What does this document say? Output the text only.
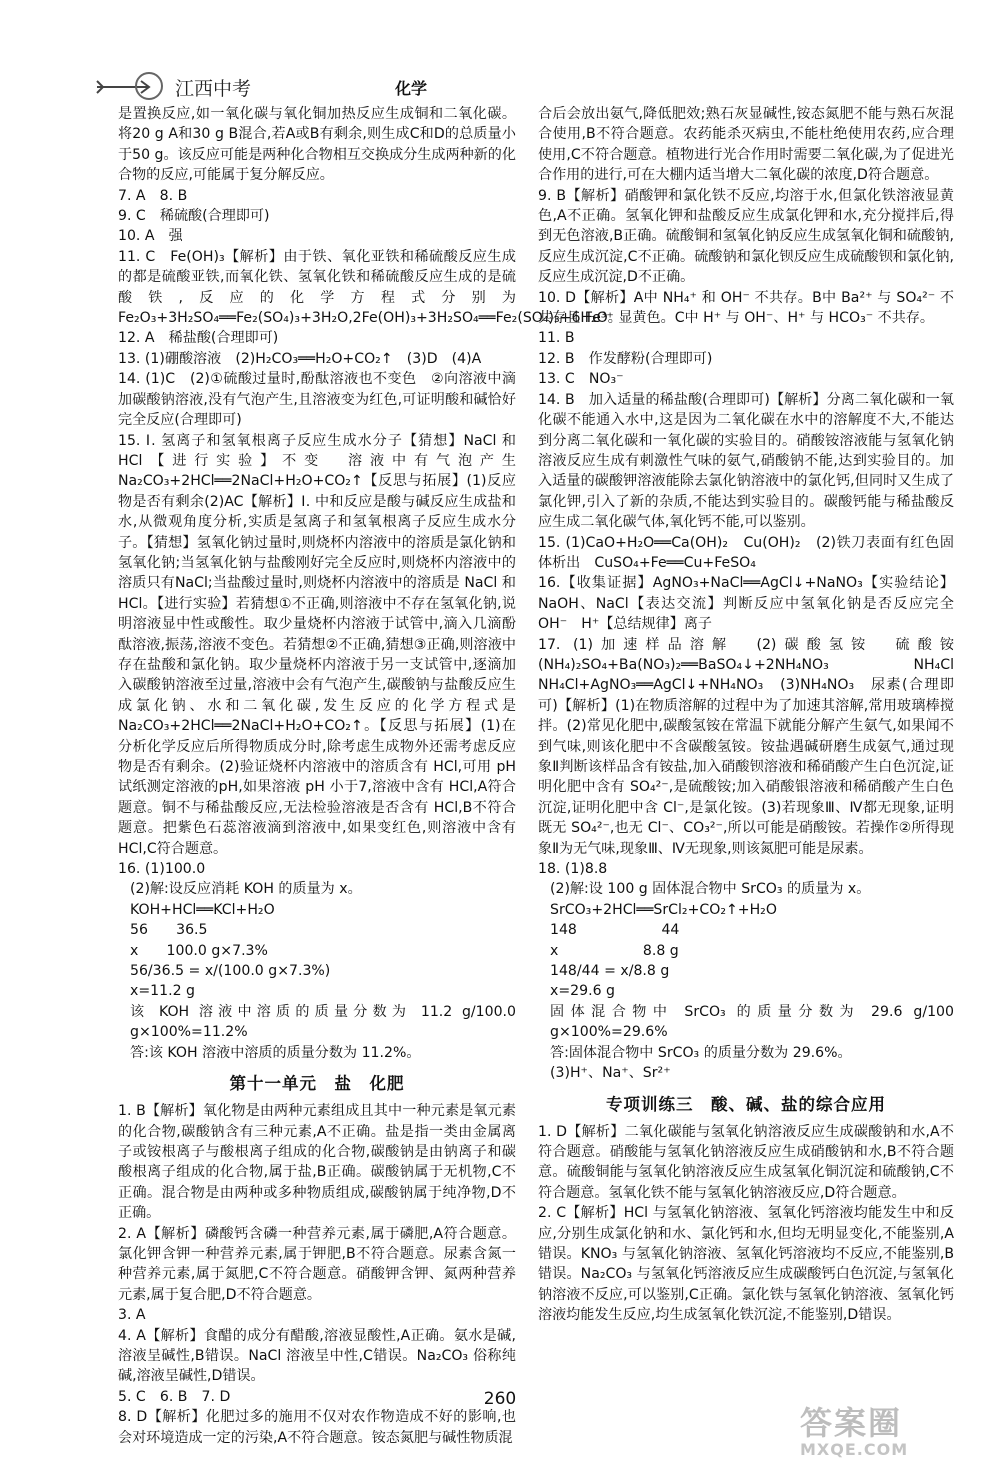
江西中考	化学

是置换反应,如一氧化碳与氧化铜加热反应生成铜和二氧化碳。将20 g A和30 g B混合,若A或B有剩余,则生成C和D的总质量小于50 g。该反应可能是两种化合物相互交换成分生成两种新的化合物的反应,可能属于复分解反应。

7. A　8. B

9. C　稀硫酸(合理即可)

10. A　强

11. C　Fe(OH)₃【解析】由于铁、氧化亚铁和稀硫酸反应生成的都是硫酸亚铁,而氧化铁、氢氧化铁和稀硫酸反应生成的是硫酸铁,反应的化学方程式分别为 Fe₂O₃+3H₂SO₄══Fe₂(SO₄)₃+3H₂O,2Fe(OH)₃+3H₂SO₄══Fe₂(SO₄)₃+6H₂O。

12. A　稀盐酸(合理即可)

13. (1)硼酸溶液　(2)H₂CO₃══H₂O+CO₂↑　(3)D　(4)A

14. (1)C　(2)①硫酸过量时,酚酞溶液也不变色　②向溶液中滴加碳酸钠溶液,没有气泡产生,且溶液变为红色,可证明酸和碱恰好完全反应(合理即可)

15. Ⅰ. 氢离子和氢氧根离子反应生成水分子【猜想】NaCl 和 HCl【进行实验】不变　溶液中有气泡产生　Na₂CO₃+2HCl══2NaCl+H₂O+CO₂↑【反思与拓展】(1)反应物是否有剩余(2)AC【解析】Ⅰ. 中和反应是酸与碱反应生成盐和水,从微观角度分析,实质是氢离子和氢氧根离子反应生成水分子。【猜想】氢氧化钠过量时,则烧杯内溶液中的溶质是氯化钠和氢氧化钠;当氢氧化钠与盐酸刚好完全反应时,则烧杯内溶液中的溶质只有NaCl;当盐酸过量时,则烧杯内溶液中的溶质是 NaCl 和 HCl。【进行实验】若猜想①不正确,则溶液中不存在氢氧化钠,说明溶液显中性或酸性。取少量烧杯内溶液于试管中,滴入几滴酚酞溶液,振荡,溶液不变色。若猜想②不正确,猜想③正确,则溶液中存在盐酸和氯化钠。取少量烧杯内溶液于另一支试管中,逐滴加入碳酸钠溶液至过量,溶液中会有气泡产生,碳酸钠与盐酸反应生成氯化钠、水和二氧化碳,发生反应的化学方程式是 Na₂CO₃+2HCl══2NaCl+H₂O+CO₂↑。【反思与拓展】(1)在分析化学反应后所得物质成分时,除考虑生成物外还需考虑反应物是否有剩余。(2)验证烧杯内溶液中的溶质含有 HCl,可用 pH 试纸测定溶液的pH,如果溶液 pH 小于7,溶液中含有 HCl,A符合题意。铜不与稀盐酸反应,无法检验溶液是否含有 HCl,B不符合题意。把紫色石蕊溶液滴到溶液中,如果变红色,则溶液中含有 HCl,C符合题意。

16. (1)100.0

(2)解:设反应消耗 KOH 的质量为 x。

KOH+HCl══KCl+H₂O

56　　36.5

x　　100.0 g×7.3%

56/36.5 = x/(100.0 g×7.3%)

x=11.2 g

该 KOH 溶液中溶质的质量分数为 11.2 g/100.0 g×100%=11.2%

答:该 KOH 溶液中溶质的质量分数为 11.2%。

第十一单元　盐　化肥

1. B【解析】氧化物是由两种元素组成且其中一种元素是氧元素的化合物,碳酸钠含有三种元素,A不正确。盐是指一类由金属离子或铵根离子与酸根离子组成的化合物,碳酸钠是由钠离子和碳酸根离子组成的化合物,属于盐,B正确。碳酸钠属于无机物,C不正确。混合物是由两种或多种物质组成,碳酸钠属于纯净物,D不正确。

2. A【解析】磷酸钙含磷一种营养元素,属于磷肥,A符合题意。氯化钾含钾一种营养元素,属于钾肥,B不符合题意。尿素含氮一种营养元素,属于氮肥,C不符合题意。硝酸钾含钾、氮两种营养元素,属于复合肥,D不符合题意。

3. A

4. A【解析】食醋的成分有醋酸,溶液显酸性,A正确。氨水是碱,溶液呈碱性,B错误。NaCl 溶液呈中性,C错误。Na₂CO₃ 俗称纯碱,溶液呈碱性,D错误。

5. C　6. B　7. D

8. D【解析】化肥过多的施用不仅对农作物造成不好的影响,也会对环境造成一定的污染,A不符合题意。铵态氮肥与碱性物质混

合后会放出氨气,降低肥效;熟石灰显碱性,铵态氮肥不能与熟石灰混合使用,B不符合题意。农药能杀灭病虫,不能杜绝使用农药,应合理使用,C不符合题意。植物进行光合作用时需要二氧化碳,为了促进光合作用的进行,可在大棚内适当增大二氧化碳的浓度,D符合题意。

9. B【解析】硝酸钾和氯化铁不反应,均溶于水,但氯化铁溶液显黄色,A不正确。氢氧化钾和盐酸反应生成氯化钾和水,充分搅拌后,得到无色溶液,B正确。硫酸铜和氢氧化钠反应生成氢氧化铜和硫酸钠,反应生成沉淀,C不正确。硫酸钠和氯化钡反应生成硫酸钡和氯化钠,反应生成沉淀,D不正确。

10. D【解析】A中 NH₄⁺ 和 OH⁻ 不共存。B中 Ba²⁺ 与 SO₄²⁻ 不共存且 Fe³⁺ 显黄色。C中 H⁺ 与 OH⁻、H⁺ 与 HCO₃⁻ 不共存。

11. B

12. B　作发酵粉(合理即可)

13. C　NO₃⁻

14. B　加入适量的稀盐酸(合理即可)【解析】分离二氧化碳和一氧化碳不能通入水中,这是因为二氧化碳在水中的溶解度不大,不能达到分离二氧化碳和一氧化碳的实验目的。硝酸铵溶液能与氢氧化钠溶液反应生成有刺激性气味的氨气,硝酸钠不能,达到实验目的。加入适量的碳酸钾溶液能除去氯化钠溶液中的氯化钙,但同时又生成了氯化钾,引入了新的杂质,不能达到实验目的。碳酸钙能与稀盐酸反应生成二氧化碳气体,氧化钙不能,可以鉴别。

15. (1)CaO+H₂O══Ca(OH)₂　Cu(OH)₂　(2)铁刀表面有红色固体析出　CuSO₄+Fe══Cu+FeSO₄

16.【收集证据】AgNO₃+NaCl══AgCl↓+NaNO₃【实验结论】NaOH、NaCl【表达交流】判断反应中氢氧化钠是否反应完全　OH⁻　H⁺【总结规律】离子

17. (1)加速样品溶解　(2)碳酸氢铵　硫酸铵　(NH₄)₂SO₄+Ba(NO₃)₂══BaSO₄↓+2NH₄NO₃　NH₄Cl　NH₄Cl+AgNO₃══AgCl↓+NH₄NO₃　(3)NH₄NO₃　尿素(合理即可)【解析】(1)在物质溶解的过程中为了加速其溶解,常用玻璃棒搅拌。(2)常见化肥中,碳酸氢铵在常温下就能分解产生氨气,如果闻不到气味,则该化肥中不含碳酸氢铵。铵盐遇碱研磨生成氨气,通过现象Ⅱ判断该样品含有铵盐,加入硝酸钡溶液和稀硝酸产生白色沉淀,证明化肥中含有 SO₄²⁻,是硫酸铵;加入硝酸银溶液和稀硝酸产生白色沉淀,证明化肥中含 Cl⁻,是氯化铵。(3)若现象Ⅲ、Ⅳ都无现象,证明既无 SO₄²⁻,也无 Cl⁻、CO₃²⁻,所以可能是硝酸铵。若操作②所得现象Ⅱ为无气味,现象Ⅲ、Ⅳ无现象,则该氮肥可能是尿素。

18. (1)8.8

(2)解:设 100 g 固体混合物中 SrCO₃ 的质量为 x。

SrCO₃+2HCl══SrCl₂+CO₂↑+H₂O

148　　　　　　44

x　　　　　　8.8 g

148/44 = x/8.8 g

x=29.6 g

固体混合物中 SrCO₃ 的质量分数为 29.6 g/100 g×100%=29.6%

答:固体混合物中 SrCO₃ 的质量分数为 29.6%。

(3)H⁺、Na⁺、Sr²⁺

专项训练三　酸、碱、盐的综合应用

1. D【解析】二氧化碳能与氢氧化钠溶液反应生成碳酸钠和水,A不符合题意。硝酸能与氢氧化钠溶液反应生成硝酸钠和水,B不符合题意。硫酸铜能与氢氧化钠溶液反应生成氢氧化铜沉淀和硫酸钠,C不符合题意。氢氧化铁不能与氢氧化钠溶液反应,D符合题意。

2. C【解析】HCl 与氢氧化钠溶液、氢氧化钙溶液均能发生中和反应,分别生成氯化钠和水、氯化钙和水,但均无明显变化,不能鉴别,A错误。KNO₃ 与氢氧化钠溶液、氢氧化钙溶液均不反应,不能鉴别,B错误。Na₂CO₃ 与氢氧化钙溶液反应生成碳酸钙白色沉淀,与氢氧化钠溶液不反应,可以鉴别,C正确。氯化铁与氢氧化钠溶液、氢氧化钙溶液均能发生反应,均生成氢氧化铁沉淀,不能鉴别,D错误。

260
答案圈
MXQE.COM
